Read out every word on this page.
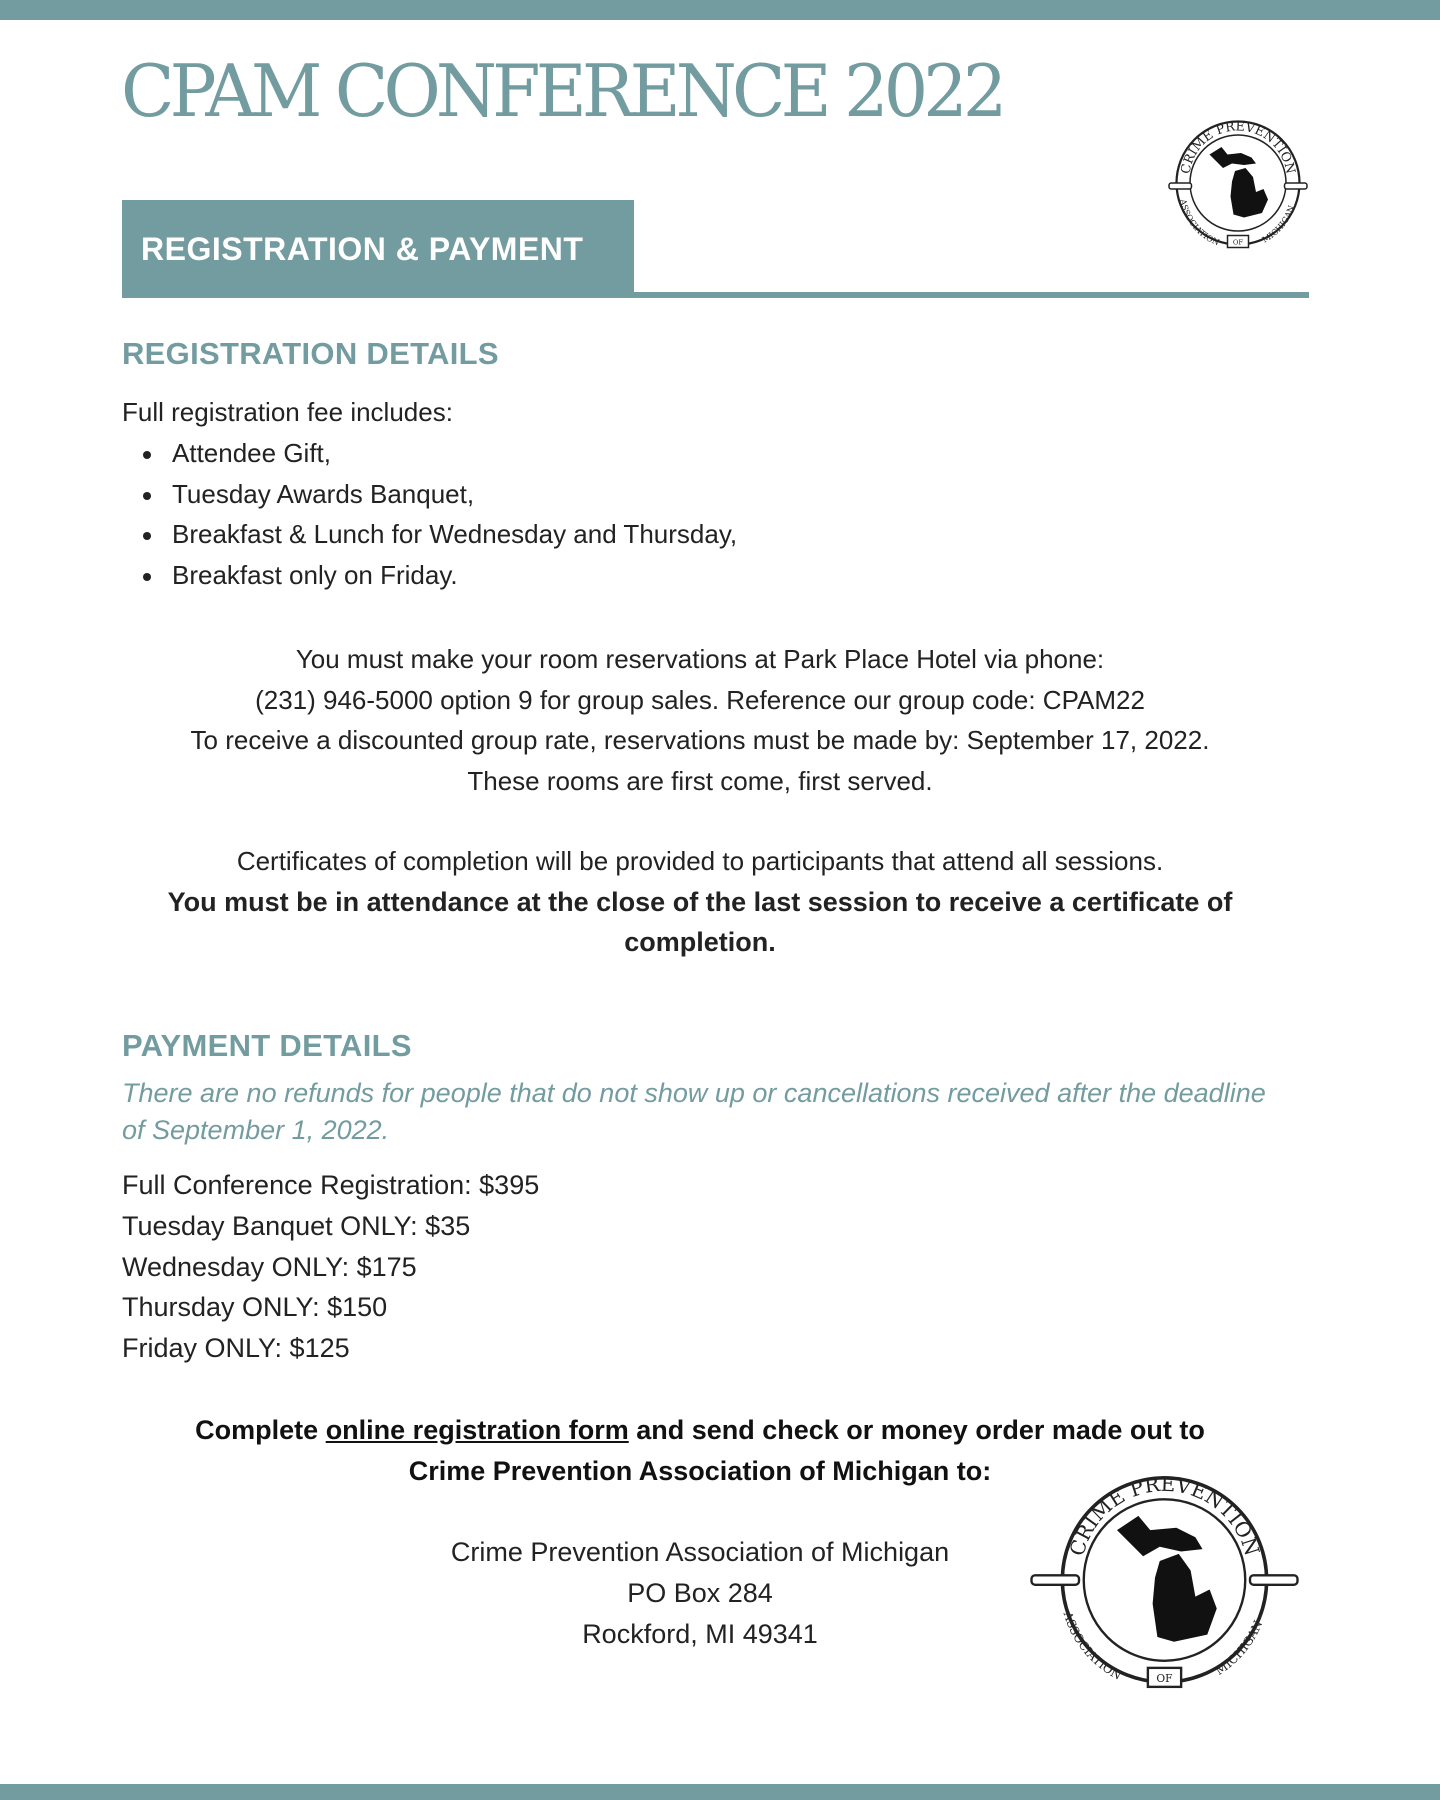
CPAM CONFERENCE 2022
CRIME PREVENTION
ASSOCIATION	MICHIGAN
OF
REGISTRATION & PAYMENT
REGISTRATION DETAILS
Full registration fee includes:
Attendee Gift,
Tuesday Awards Banquet,
Breakfast & Lunch for Wednesday and Thursday,
Breakfast only on Friday.
You must make your room reservations at Park Place Hotel via phone:
(231) 946-5000 option 9 for group sales. Reference our group code: CPAM22
To receive a discounted group rate, reservations must be made by: September 17, 2022.
These rooms are first come, first served.
Certificates of completion will be provided to participants that attend all sessions.
You must be in attendance at the close of the last session to receive a certificate of completion.
PAYMENT DETAILS
There are no refunds for people that do not show up or cancellations received after the deadline of September 1, 2022.
Full Conference Registration: $395
Tuesday Banquet ONLY: $35
Wednesday ONLY: $175
Thursday ONLY: $150
Friday ONLY: $125
Complete online registration form and send check or money order made out to
Crime Prevention Association of Michigan to:
Crime Prevention Association of Michigan
PO Box 284
Rockford, MI 49341
CRIME PREVENTION
ASSOCIATION	MICHIGAN
OF
